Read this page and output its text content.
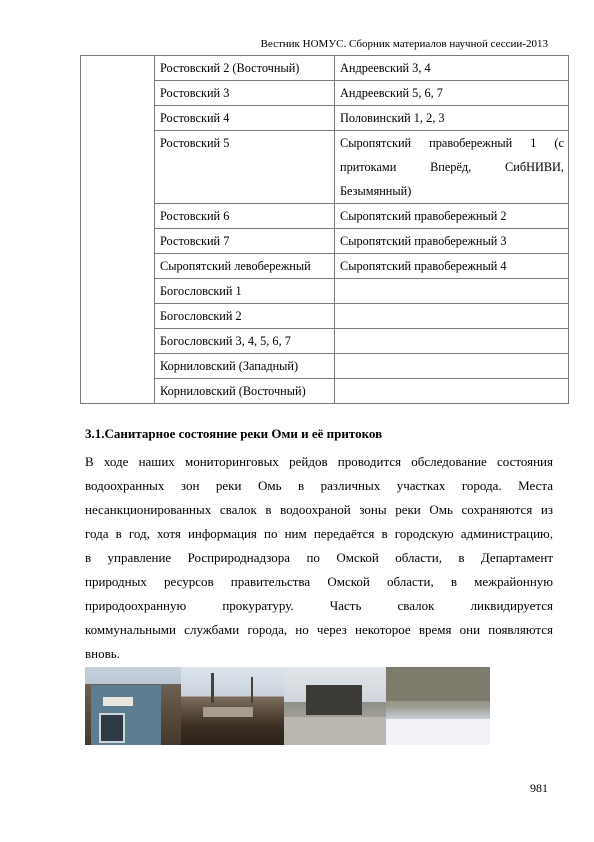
Вестник НОМУС. Сборник материалов научной сессии-2013
	Ростовский 2 (Восточный)	Андреевский 3, 4
	Ростовский 3	Андреевский 5, 6, 7
	Ростовский 4	Половинский 1, 2, 3
	Ростовский 5	Сыропятский правобережный 1 (с притоками Вперёд, СибНИВИ, Безымянный)
	Ростовский 6	Сыропятский правобережный 2
	Ростовский 7	Сыропятский правобережный 3
	Сыропятский левобережный	Сыропятский правобережный 4
	Богословский 1	
	Богословский 2	
	Богословский 3, 4, 5, 6, 7	
	Корниловский (Западный)	
	Корниловский (Восточный)	
3.1.Санитарное состояние реки Оми и её притоков
В ходе наших мониторинговых рейдов проводится обследование состояния
водоохранных зон реки Омь в различных участках города. Места
несанкционированных свалок в водоохраной зоны реки Омь сохраняются из
года в год, хотя информация по ним передаётся в городскую администрацию,
в управление Росприроднадзора по Омской области, в Департамент
природных ресурсов правительства Омской области, в межрайонную
природоохранную прокуратуру. Часть свалок ликвидируется
коммунальными службами города, но через некоторое время они появляются
вновь.
981
